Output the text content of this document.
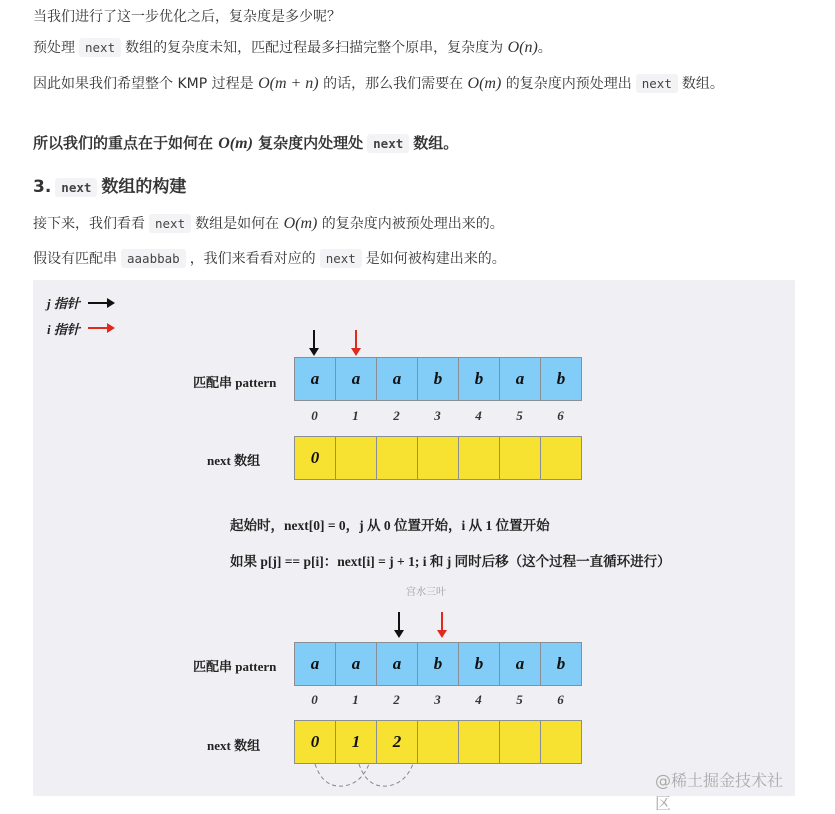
当我们进行了这一步优化之后，复杂度是多少呢？
预处理 next 数组的复杂度未知，匹配过程最多扫描完整个原串，复杂度为 O(n)。
因此如果我们希望整个 KMP 过程是 O(m + n) 的话，那么我们需要在 O(m) 的复杂度内预处理出 next 数组。
所以我们的重点在于如何在 O(m) 复杂度内处理处 next 数组。
3. next 数组的构建
接下来，我们看看 next 数组是如何在 O(m) 的复杂度内被预处理出来的。
假设有匹配串 aaabbab ，我们来看看对应的 next 是如何被构建出来的。
j 指针
i 指针
匹配串 pattern	a	a	a	b	b	a	b
0	1	2	3	4	5	6
next 数组	0
起始时，next[0] = 0，j 从 0 位置开始，i 从 1 位置开始
如果 p[j] == p[i]：next[i] = j + 1; i 和 j 同时后移（这个过程一直循环进行）
宫水三叶
匹配串 pattern	a	a	a	b	b	a	b
0	1	2	3	4	5	6
next 数组	0	1	2
@稀土掘金技术社区
